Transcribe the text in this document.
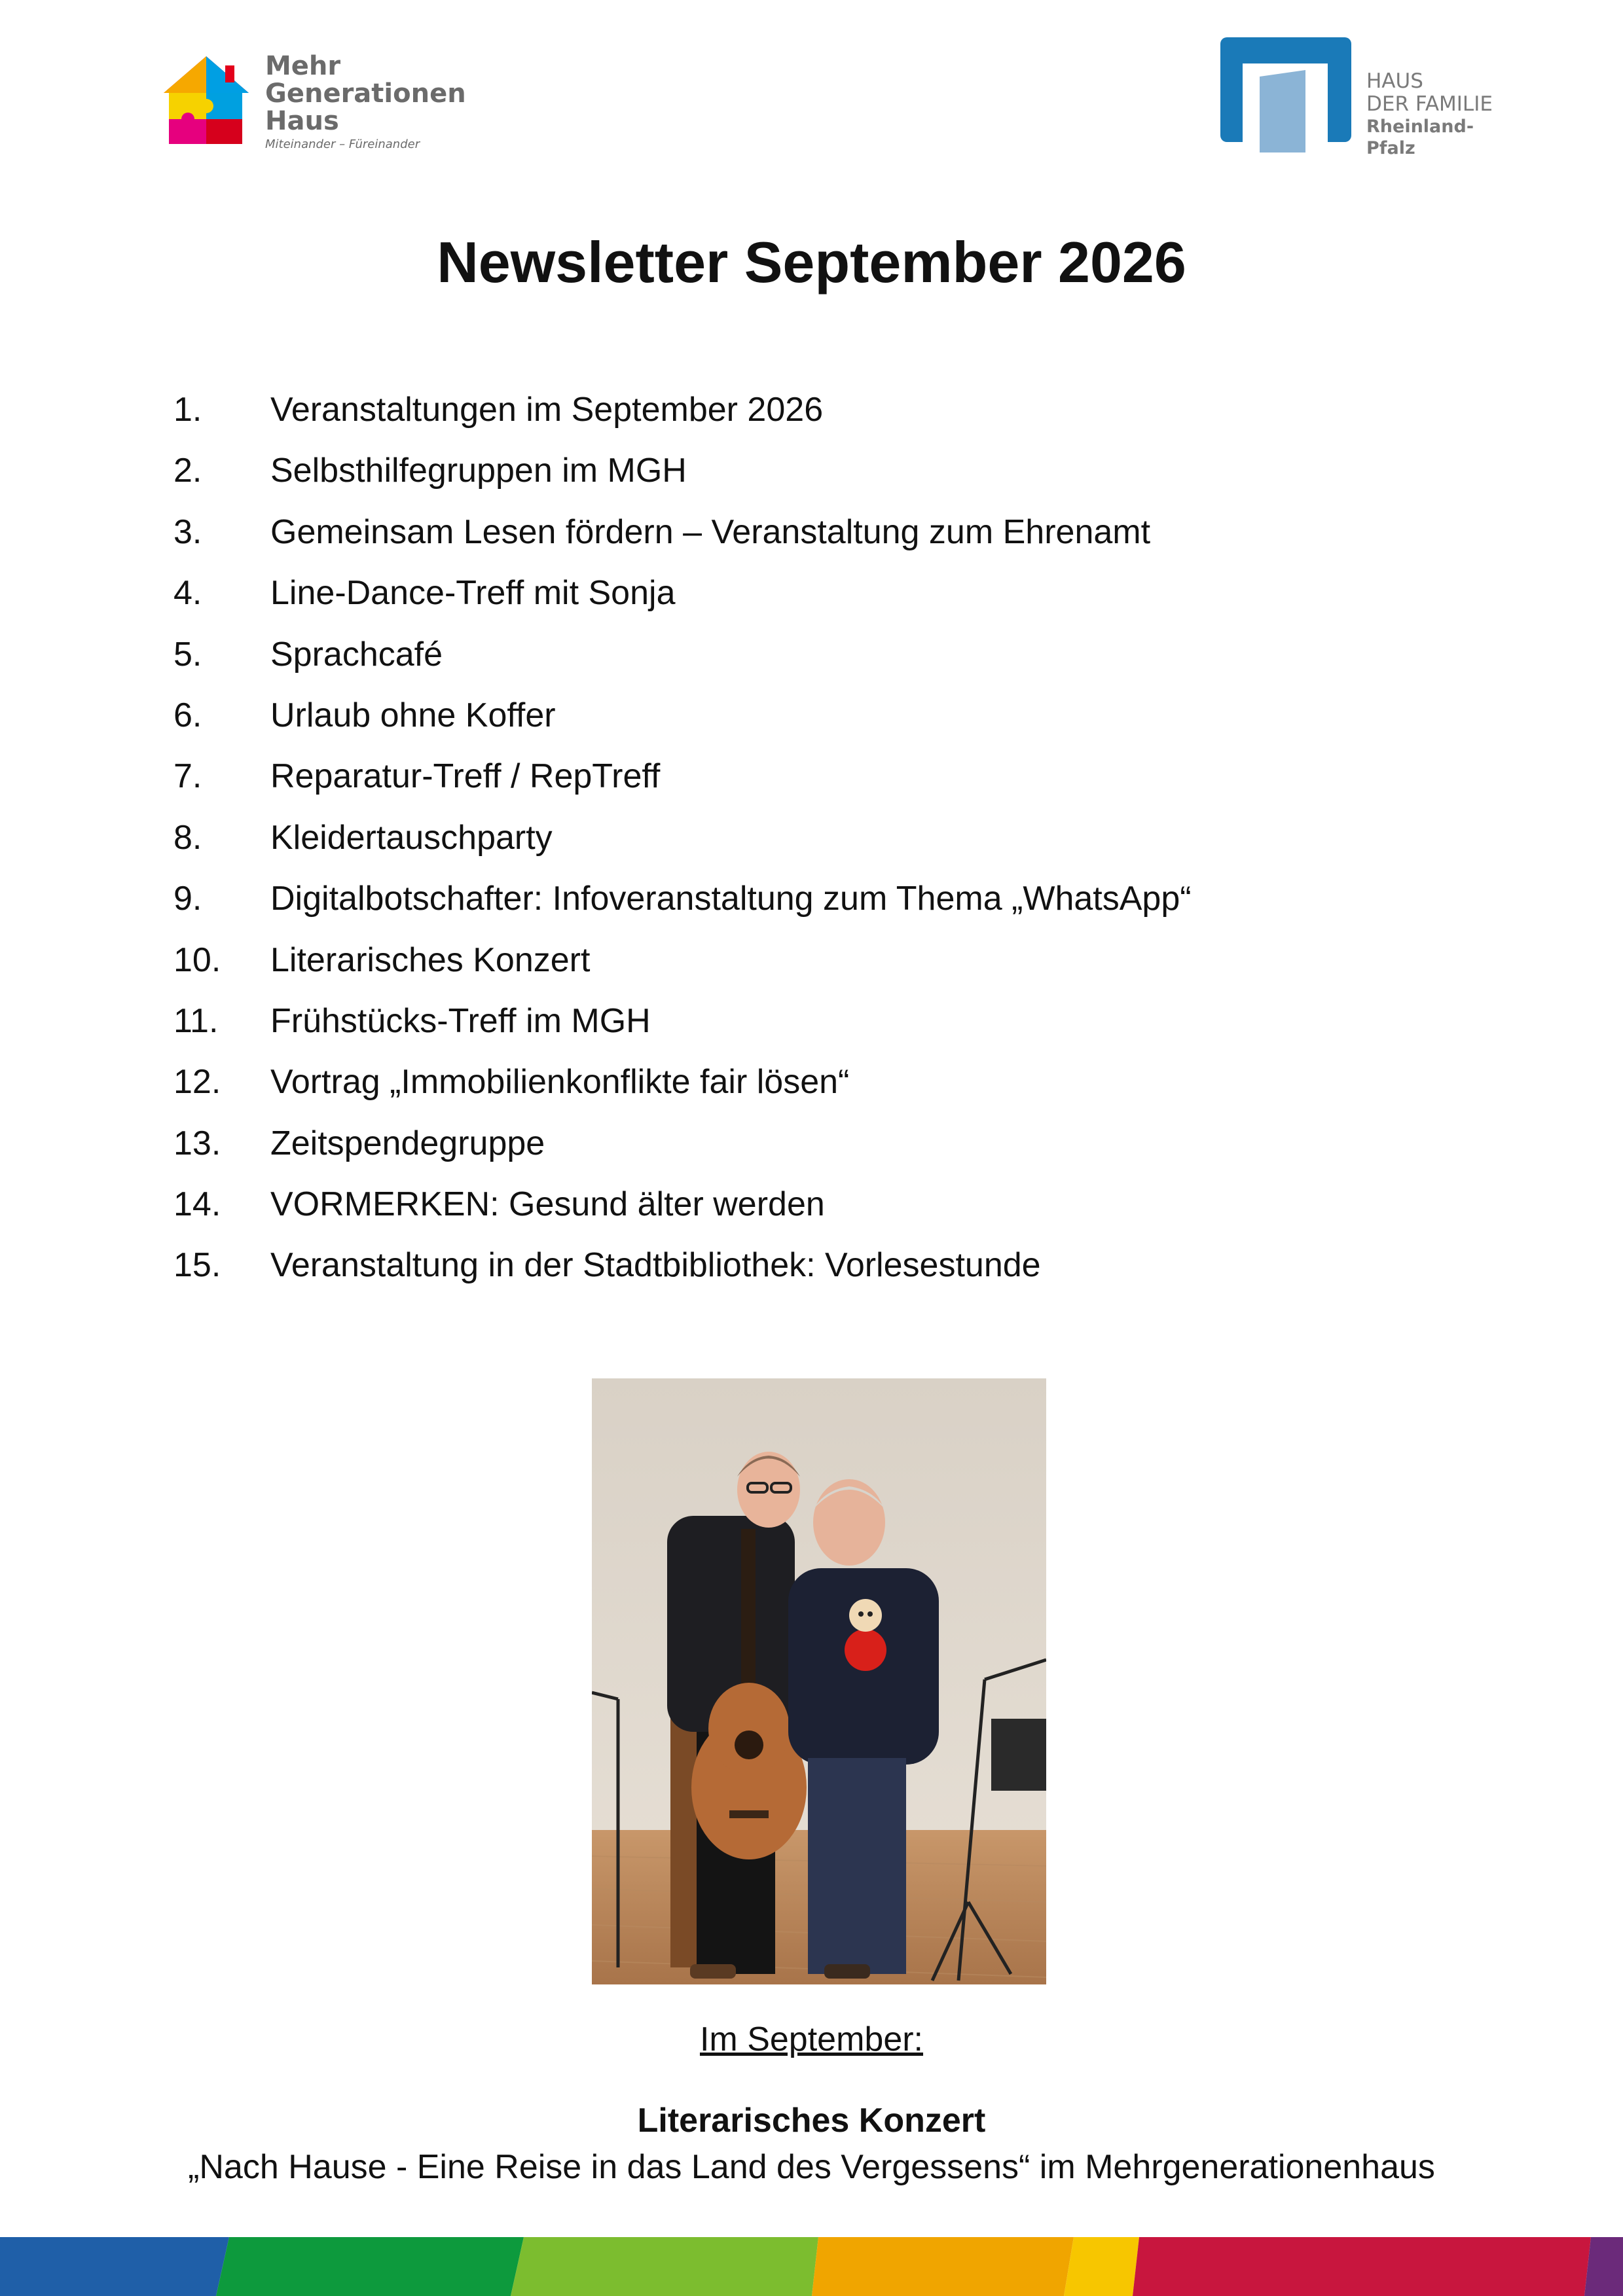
Mehr
Generationen
Haus
Miteinander – Füreinander
HAUS
DER FAMILIE
Rheinland-Pfalz
Newsletter September 2026
1. Veranstaltungen im September 2026
2. Selbsthilfegruppen im MGH
3. Gemeinsam Lesen fördern – Veranstaltung zum Ehrenamt
4. Line-Dance-Treff mit Sonja
5. Sprachcafé
6. Urlaub ohne Koffer
7. Reparatur-Treff / RepTreff
8. Kleidertauschparty
9. Digitalbotschafter: Infoveranstaltung zum Thema „WhatsApp“
10. Literarisches Konzert
11. Frühstücks-Treff im MGH
12. Vortrag „Immobilienkonflikte fair lösen“
13. Zeitspendegruppe
14. VORMERKEN: Gesund älter werden
15. Veranstaltung in der Stadtbibliothek: Vorlesestunde
Im September:
Literarisches Konzert
„Nach Hause - Eine Reise in das Land des Vergessens“ im Mehrgenerationenhaus
